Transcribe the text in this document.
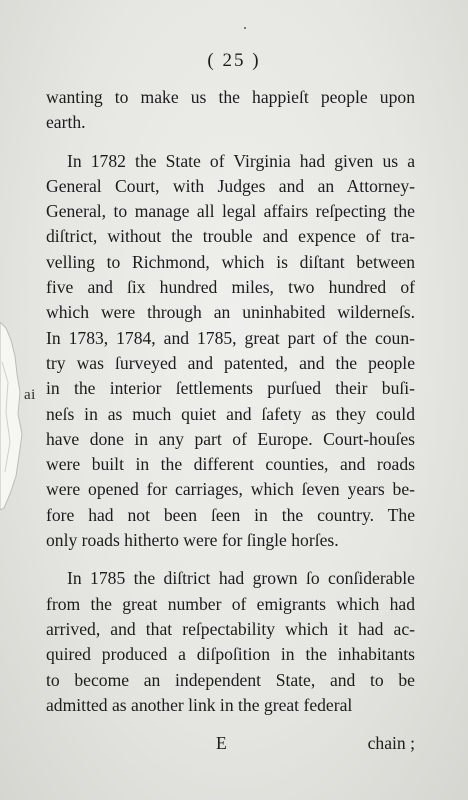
ai
( 25 )
wanting to make us the happieſt people upon
earth.
In 1782 the State of Virginia had given us a
General Court, with Judges and an Attorney-
General, to manage all legal affairs reſpecting the
diſtrict, without the trouble and expence of tra-
velling to Richmond, which is diſtant between
five and ſix hundred miles, two hundred of
which were through an uninhabited wilderneſs.
In 1783, 1784, and 1785, great part of the coun-
try was ſurveyed and patented, and the people
in the interior ſettlements purſued their buſi-
neſs in as much quiet and ſafety as they could
have done in any part of Europe. Court-houſes
were built in the different counties, and roads
were opened for carriages, which ſeven years be-
fore had not been ſeen in the country. The
only roads hitherto were for ſingle horſes.
In 1785 the diſtrict had grown ſo conſiderable
from the great number of emigrants which had
arrived, and that reſpectability which it had ac-
quired produced a diſpoſition in the inhabitants
to become an independent State, and to be
admitted as another link in the great federal
E	chain ;
